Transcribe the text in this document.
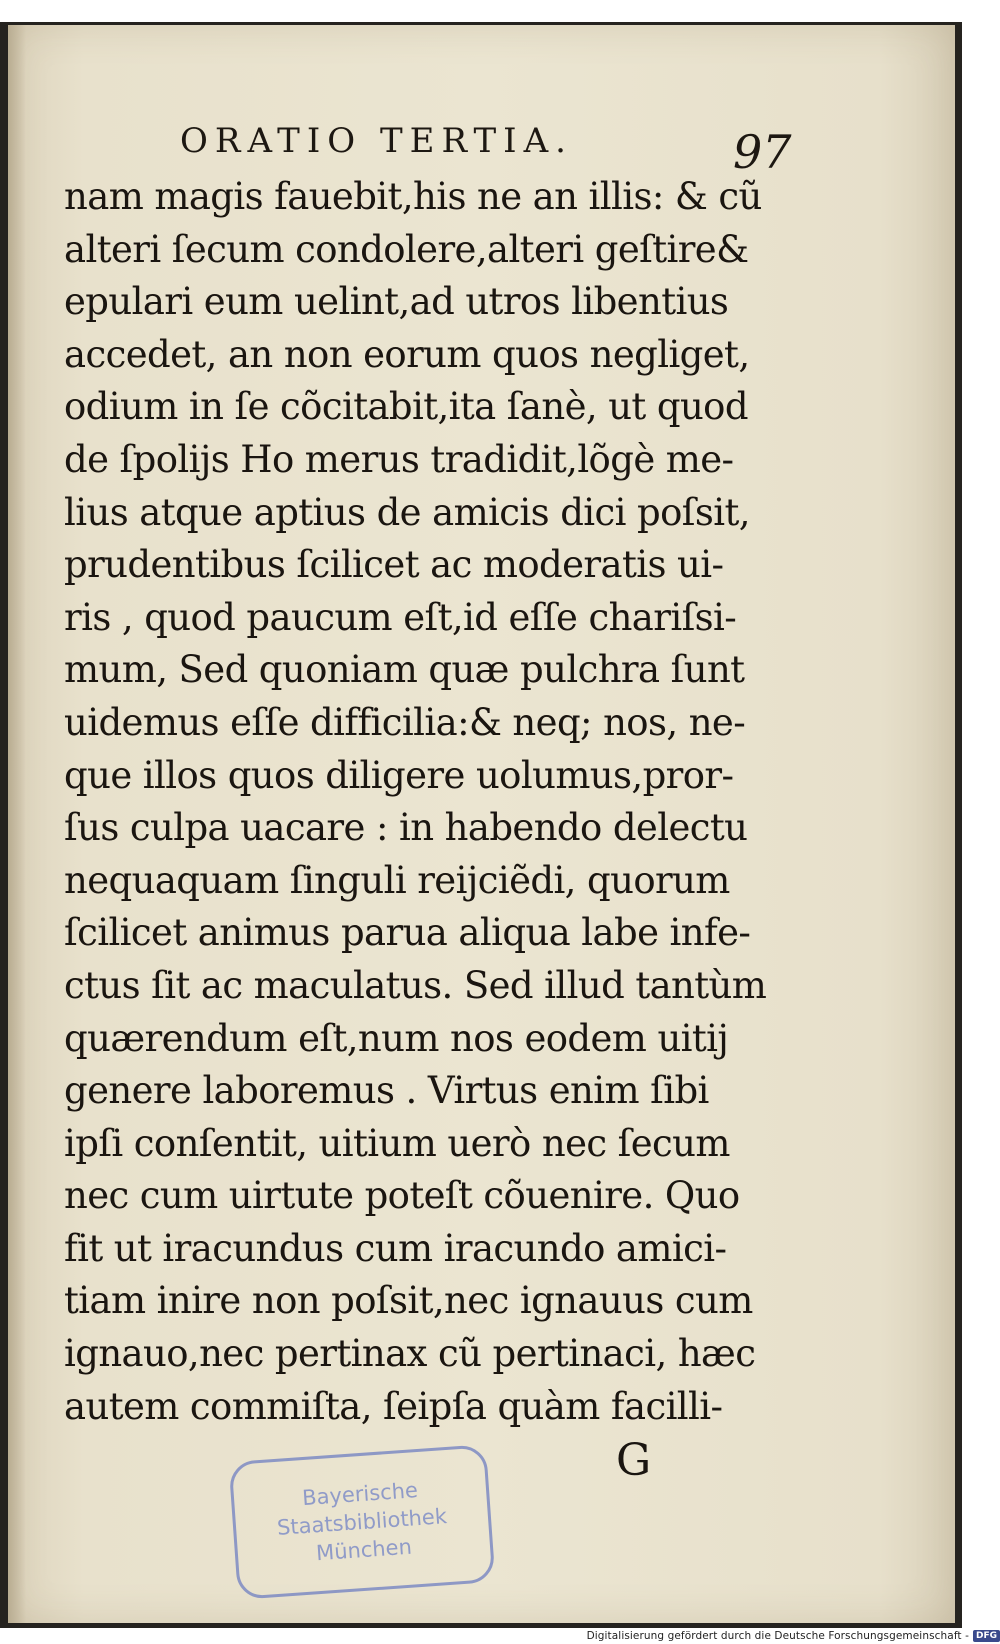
ORATIO TERTIA.	97
nam magis fauebit,his ne an illis: & cũ
alteri ſecum condolere,alteri geſtire&
epulari eum uelint,ad utros libentius
accedet, an non eorum quos negliget,
odium in ſe cõcitabit,ita ſanè, ut quod
de ſpolijs Ho merus tradidit,lõgè me-
lius atque aptius de amicis dici poſsit,
prudentibus ſcilicet ac moderatis ui-
ris , quod paucum eſt,id eſſe chariſsi-
mum, Sed quoniam quæ pulchra ſunt
uidemus eſſe difficilia:& neq; nos, ne-
que illos quos diligere uolumus,pror-
ſus culpa uacare : in habendo delectu
nequaquam ſinguli reijciẽdi, quorum
ſcilicet animus parua aliqua labe infe-
ctus ſit ac maculatus. Sed illud tantùm
quærendum eſt,num nos eodem uitij
genere laboremus . Virtus enim ſibi
ipſi conſentit, uitium uerò nec ſecum
nec cum uirtute poteſt cõuenire. Quo
fit ut iracundus cum iracundo amici-
tiam inire non poſsit,nec ignauus cum
ignauo,nec pertinax cũ pertinaci, hæc
autem commiſta, ſeipſa quàm facilli-
G
Bayerische
Staatsbibliothek
München
Digitalisierung gefördert durch die Deutsche Forschungsgemeinschaft - DFG
